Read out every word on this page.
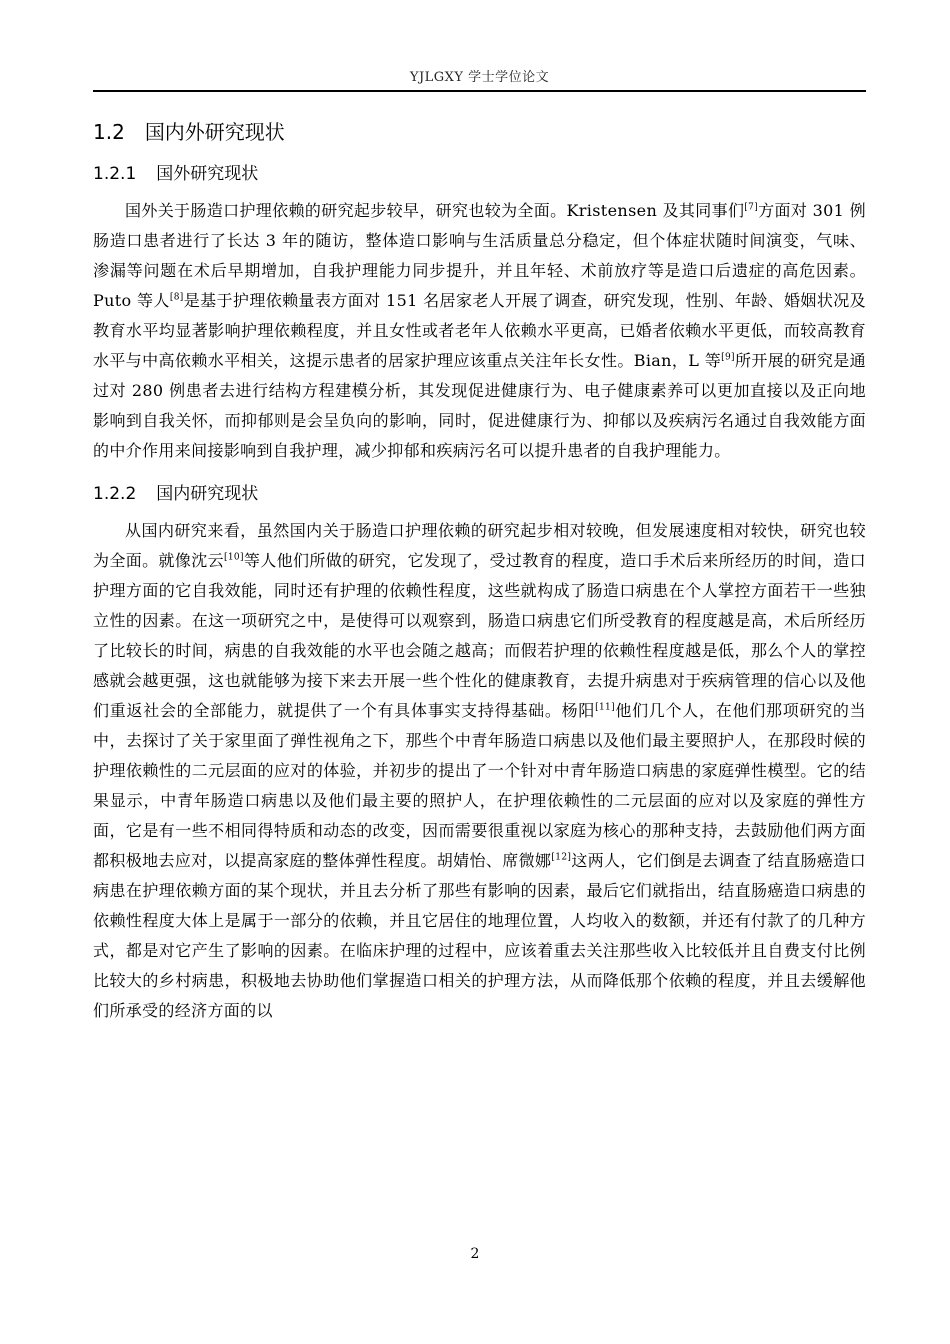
YJLGXY 学士学位论文
1.2 国内外研究现状
1.2.1 国外研究现状

国外关于肠造口护理依赖的研究起步较早，研究也较为全面。Kristensen 及其同事们[7]方面对 301 例肠造口患者进行了长达 3 年的随访，整体造口影响与生活质量总分稳定，但个体症状随时间演变，气味、渗漏等问题在术后早期增加，自我护理能力同步提升，并且年轻、术前放疗等是造口后遗症的高危因素。Puto 等人[8]是基于护理依赖量表方面对 151 名居家老人开展了调查，研究发现，性别、年龄、婚姻状况及教育水平均显著影响护理依赖程度，并且女性或者老年人依赖水平更高，已婚者依赖水平更低，而较高教育水平与中高依赖水平相关，这提示患者的居家护理应该重点关注年长女性。Bian，L 等[9]所开展的研究是通过对 280 例患者去进行结构方程建模分析，其发现促进健康行为、电子健康素养可以更加直接以及正向地影响到自我关怀，而抑郁则是会呈负向的影响，同时，促进健康行为、抑郁以及疾病污名通过自我效能方面的中介作用来间接影响到自我护理，减少抑郁和疾病污名可以提升患者的自我护理能力。

1.2.2 国内研究现状

从国内研究来看，虽然国内关于肠造口护理依赖的研究起步相对较晚，但发展速度相对较快，研究也较为全面。就像沈云[10]等人他们所做的研究，它发现了，受过教育的程度，造口手术后来所经历的时间，造口护理方面的它自我效能，同时还有护理的依赖性程度，这些就构成了肠造口病患在个人掌控方面若干一些独立性的因素。在这一项研究之中，是使得可以观察到，肠造口病患它们所受教育的程度越是高，术后所经历了比较长的时间，病患的自我效能的水平也会随之越高；而假若护理的依赖性程度越是低，那么个人的掌控感就会越更强，这也就能够为接下来去开展一些个性化的健康教育，去提升病患对于疾病管理的信心以及他们重返社会的全部能力，就提供了一个有具体事实支持得基础。杨阳[11]他们几个人，在他们那项研究的当中，去探讨了关于家里面了弹性视角之下，那些个中青年肠造口病患以及他们最主要照护人，在那段时候的护理依赖性的二元层面的应对的体验，并初步的提出了一个针对中青年肠造口病患的家庭弹性模型。它的结果显示，中青年肠造口病患以及他们最主要的照护人，在护理依赖性的二元层面的应对以及家庭的弹性方面，它是有一些不相同得特质和动态的改变，因而需要很重视以家庭为核心的那种支持，去鼓励他们两方面都积极地去应对，以提高家庭的整体弹性程度。胡婧怡、席微娜[12]这两人，它们倒是去调查了结直肠癌造口病患在护理依赖方面的某个现状，并且去分析了那些有影响的因素，最后它们就指出，结直肠癌造口病患的依赖性程度大体上是属于一部分的依赖，并且它居住的地理位置，人均收入的数额，并还有付款了的几种方式，都是对它产生了影响的因素。在临床护理的过程中，应该着重去关注那些收入比较低并且自费支付比例比较大的乡村病患，积极地去协助他们掌握造口相关的护理方法，从而降低那个依赖的程度，并且去缓解他们所承受的经济方面的以

2
